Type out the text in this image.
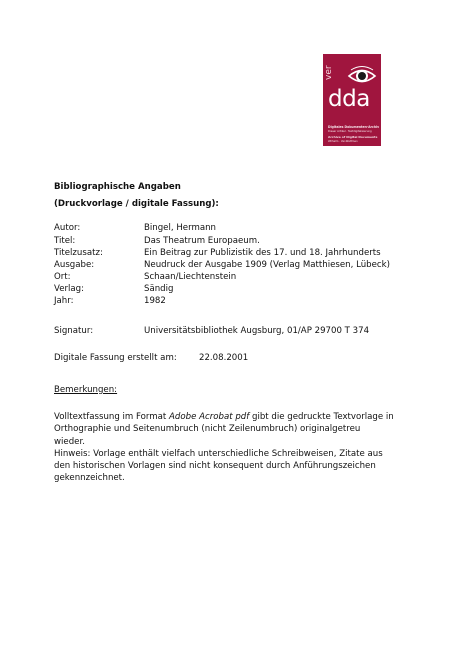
ver
dda
Digitales Dokumenten-Archiv
Dieser Artikel · Textdigitalisierung
Archive of Digital Documents
Wilhelm · Ver-Wettmen
Bibliographische Angaben
(Druckvorlage / digitale Fassung):
Autor:	Bingel, Hermann
Titel:	Das Theatrum Europaeum.
Titelzusatz:	Ein Beitrag zur Publizistik des 17. und 18. Jahrhunderts
Ausgabe:	Neudruck der Ausgabe 1909 (Verlag Matthiesen, Lübeck)
Ort:	Schaan/Liechtenstein
Verlag:	Sändig
Jahr:	1982
Signatur:	Universitätsbibliothek Augsburg, 01/AP 29700 T 374
Digitale Fassung erstellt am:	22.08.2001
Bemerkungen:

Volltextfassung im Format Adobe Acrobat pdf gibt die gedruckte Textvorlage in Orthographie und Seitenumbruch (nicht Zeilenumbruch) originalgetreu wieder.

Hinweis: Vorlage enthält vielfach unterschiedliche Schreibweisen, Zitate aus den historischen Vorlagen sind nicht konsequent durch Anführungszeichen gekennzeichnet.
